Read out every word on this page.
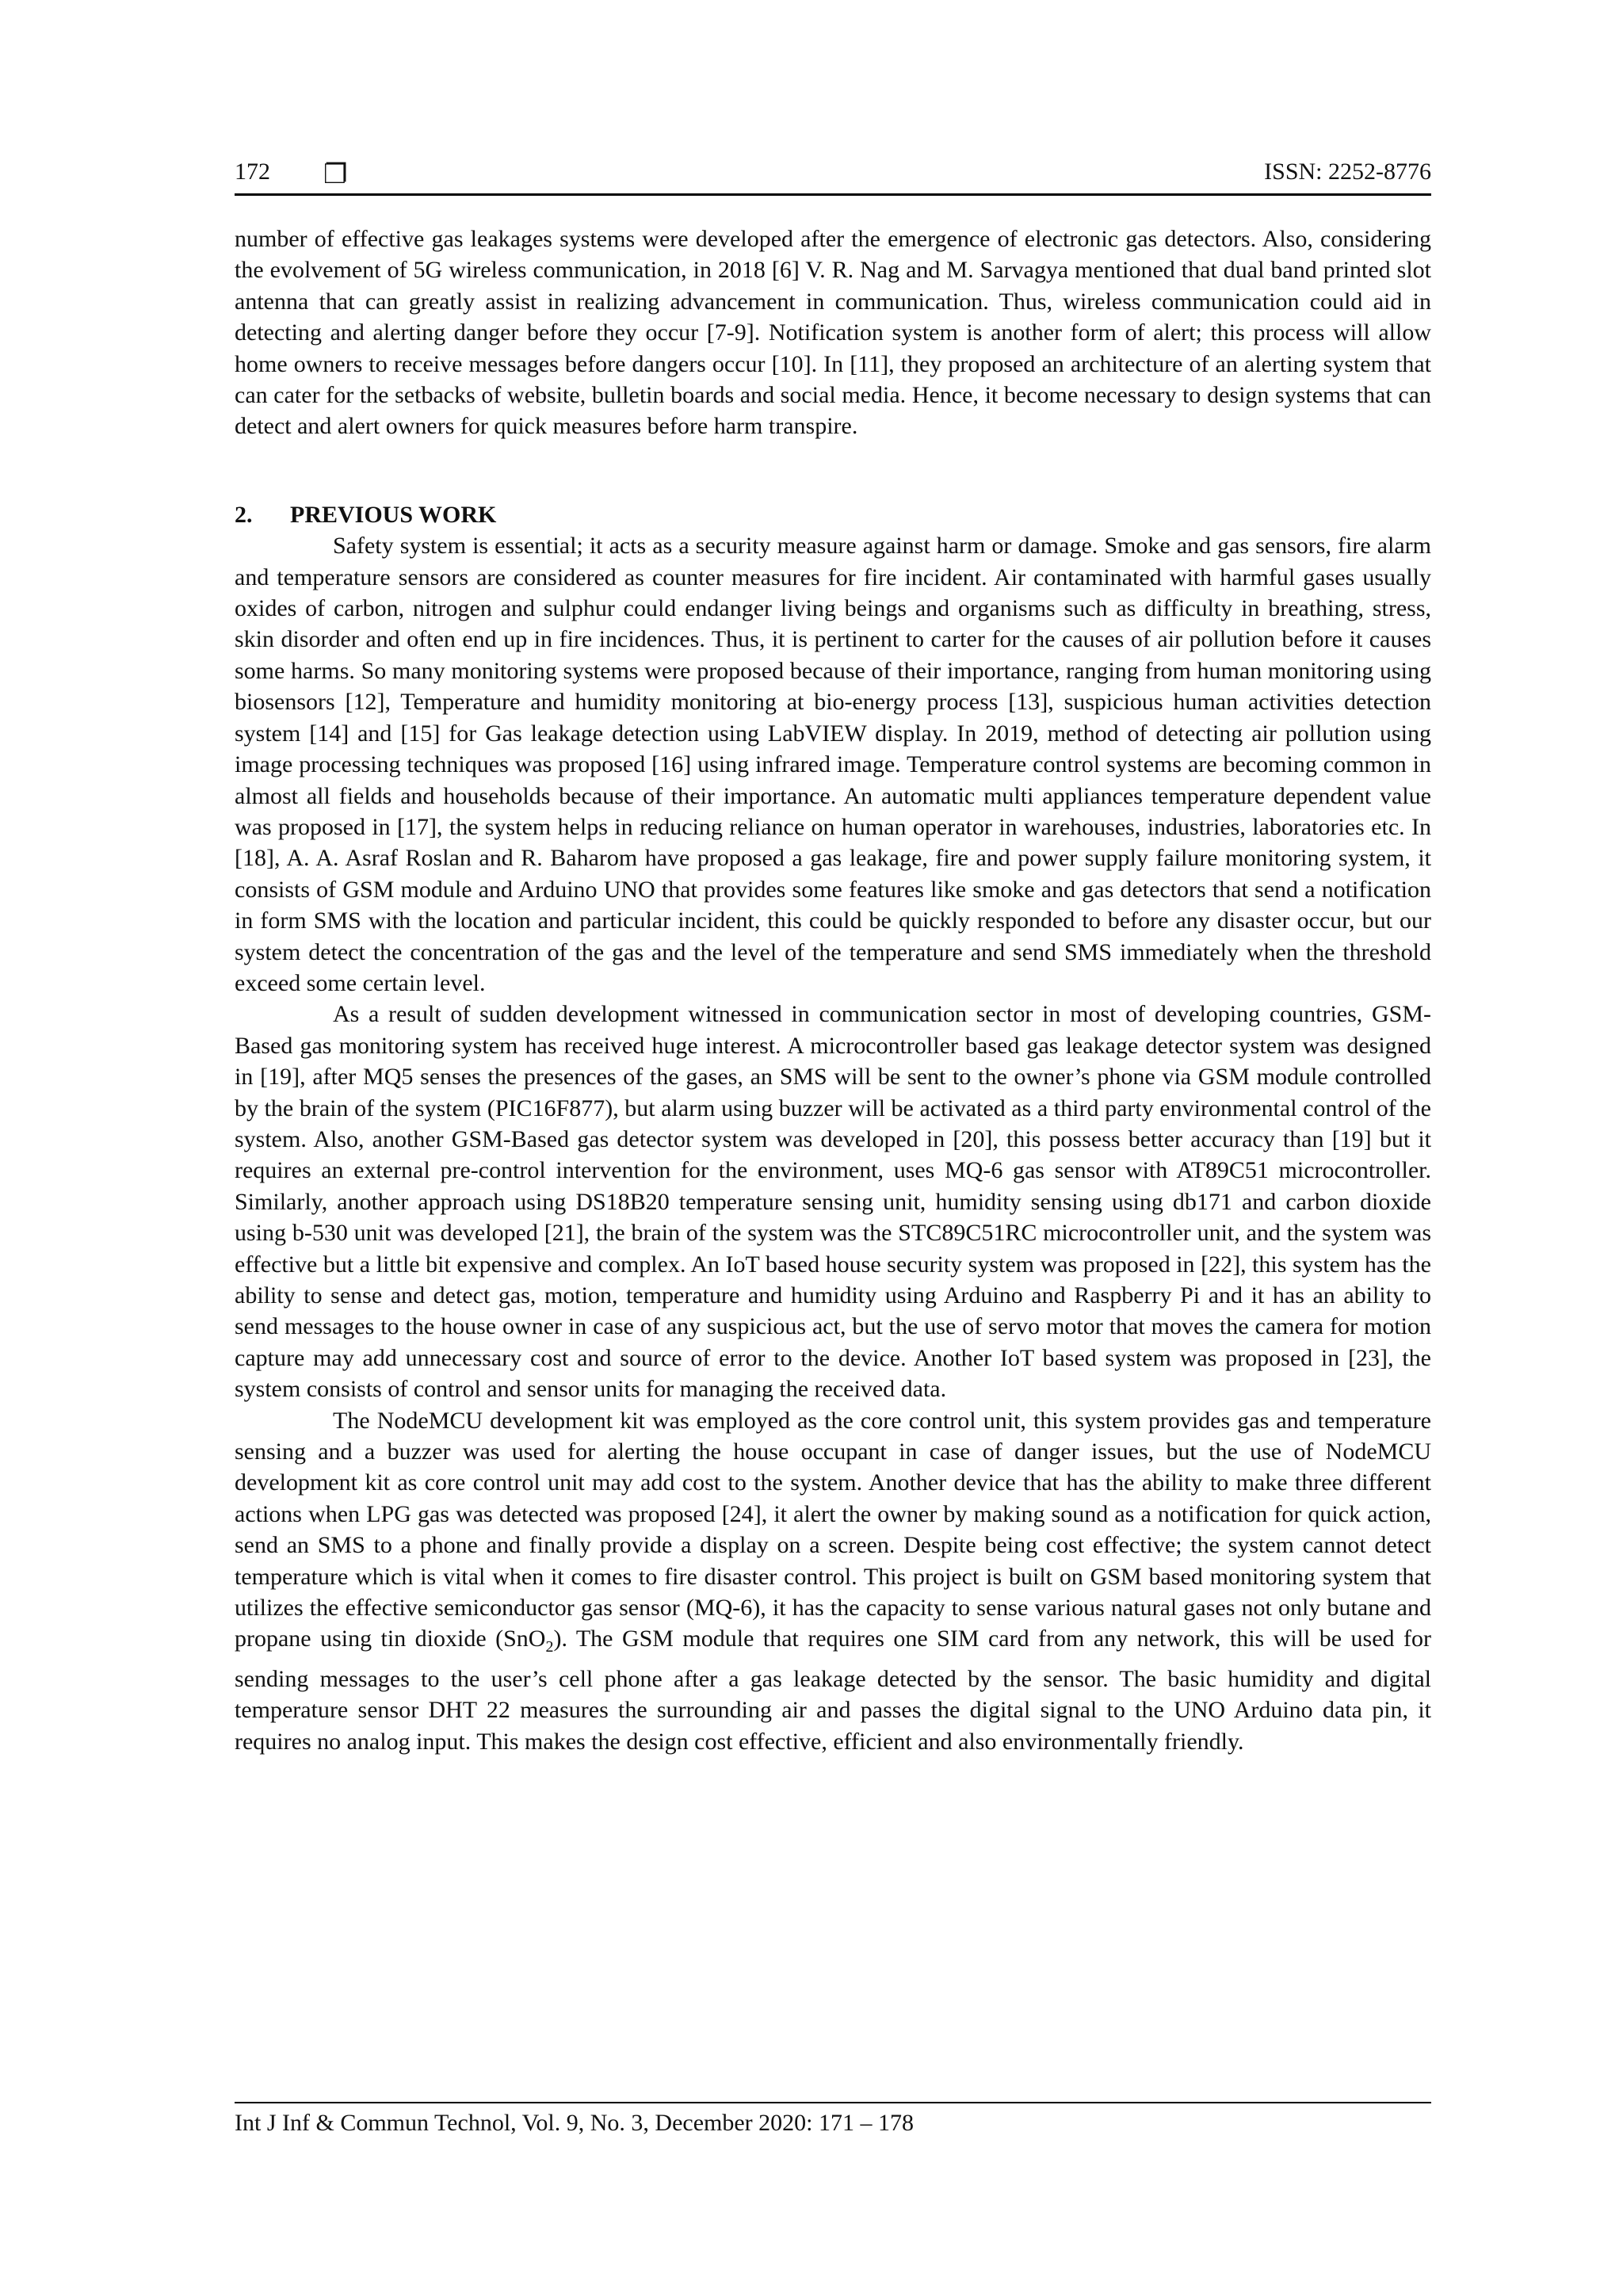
172 ❐	ISSN: 2252-8776

number of effective gas leakages systems were developed after the emergence of electronic gas detectors. Also, considering the evolvement of 5G wireless communication, in 2018 [6] V. R. Nag and M. Sarvagya mentioned that dual band printed slot antenna that can greatly assist in realizing advancement in communication. Thus, wireless communication could aid in detecting and alerting danger before they occur [7-9]. Notification system is another form of alert; this process will allow home owners to receive messages before dangers occur [10]. In [11], they proposed an architecture of an alerting system that can cater for the setbacks of website, bulletin boards and social media. Hence, it become necessary to design systems that can detect and alert owners for quick measures before harm transpire.

2. PREVIOUS WORK

Safety system is essential; it acts as a security measure against harm or damage. Smoke and gas sensors, fire alarm and temperature sensors are considered as counter measures for fire incident. Air contaminated with harmful gases usually oxides of carbon, nitrogen and sulphur could endanger living beings and organisms such as difficulty in breathing, stress, skin disorder and often end up in fire incidences. Thus, it is pertinent to carter for the causes of air pollution before it causes some harms. So many monitoring systems were proposed because of their importance, ranging from human monitoring using biosensors [12], Temperature and humidity monitoring at bio-energy process [13], suspicious human activities detection system [14] and [15] for Gas leakage detection using LabVIEW display. In 2019, method of detecting air pollution using image processing techniques was proposed [16] using infrared image. Temperature control systems are becoming common in almost all fields and households because of their importance. An automatic multi appliances temperature dependent value was proposed in [17], the system helps in reducing reliance on human operator in warehouses, industries, laboratories etc. In [18], A. A. Asraf Roslan and R. Baharom have proposed a gas leakage, fire and power supply failure monitoring system, it consists of GSM module and Arduino UNO that provides some features like smoke and gas detectors that send a notification in form SMS with the location and particular incident, this could be quickly responded to before any disaster occur, but our system detect the concentration of the gas and the level of the temperature and send SMS immediately when the threshold exceed some certain level.

As a result of sudden development witnessed in communication sector in most of developing countries, GSM-Based gas monitoring system has received huge interest. A microcontroller based gas leakage detector system was designed in [19], after MQ5 senses the presences of the gases, an SMS will be sent to the owner’s phone via GSM module controlled by the brain of the system (PIC16F877), but alarm using buzzer will be activated as a third party environmental control of the system. Also, another GSM-Based gas detector system was developed in [20], this possess better accuracy than [19] but it requires an external pre-control intervention for the environment, uses MQ-6 gas sensor with AT89C51 microcontroller. Similarly, another approach using DS18B20 temperature sensing unit, humidity sensing using db171 and carbon dioxide using b-530 unit was developed [21], the brain of the system was the STC89C51RC microcontroller unit, and the system was effective but a little bit expensive and complex. An IoT based house security system was proposed in [22], this system has the ability to sense and detect gas, motion, temperature and humidity using Arduino and Raspberry Pi and it has an ability to send messages to the house owner in case of any suspicious act, but the use of servo motor that moves the camera for motion capture may add unnecessary cost and source of error to the device. Another IoT based system was proposed in [23], the system consists of control and sensor units for managing the received data.

The NodeMCU development kit was employed as the core control unit, this system provides gas and temperature sensing and a buzzer was used for alerting the house occupant in case of danger issues, but the use of NodeMCU development kit as core control unit may add cost to the system. Another device that has the ability to make three different actions when LPG gas was detected was proposed [24], it alert the owner by making sound as a notification for quick action, send an SMS to a phone and finally provide a display on a screen. Despite being cost effective; the system cannot detect temperature which is vital when it comes to fire disaster control. This project is built on GSM based monitoring system that utilizes the effective semiconductor gas sensor (MQ-6), it has the capacity to sense various natural gases not only butane and propane using tin dioxide (SnO$_2$). The GSM module that requires one SIM card from any network, this will be used for sending messages to the user’s cell phone after a gas leakage detected by the sensor. The basic humidity and digital temperature sensor DHT 22 measures the surrounding air and passes the digital signal to the UNO Arduino data pin, it requires no analog input. This makes the design cost effective, efficient and also environmentally friendly.

Int J Inf & Commun Technol, Vol. 9, No. 3, December 2020: 171 – 178
